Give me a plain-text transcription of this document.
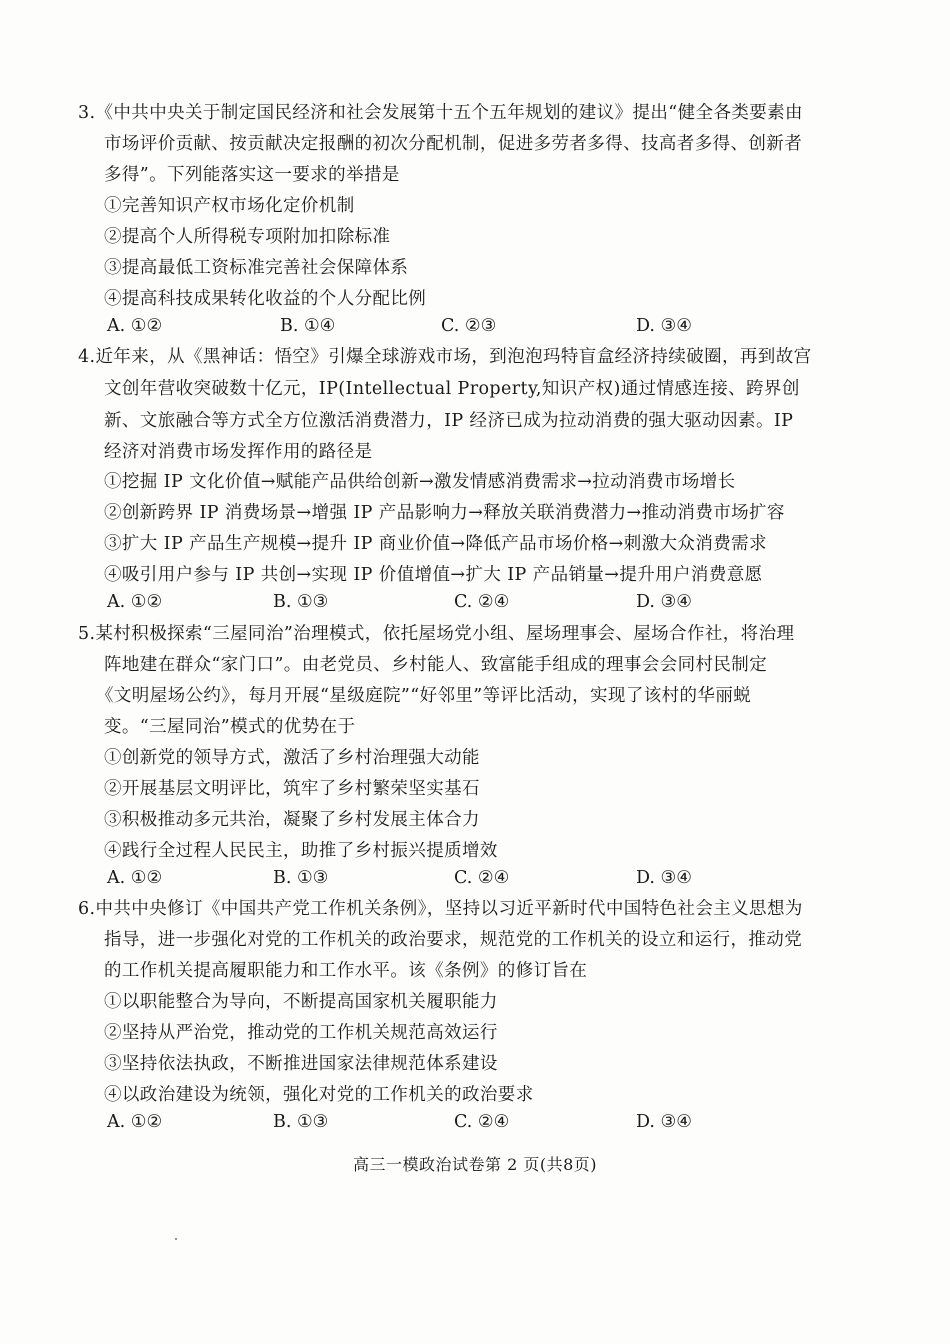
3.《中共中央关于制定国民经济和社会发展第十五个五年规划的建议》提出“健全各类要素由
市场评价贡献、按贡献决定报酬的初次分配机制，促进多劳者多得、技高者多得、创新者
多得”。下列能落实这一要求的举措是
①完善知识产权市场化定价机制
②提高个人所得税专项附加扣除标准
③提高最低工资标准完善社会保障体系
④提高科技成果转化收益的个人分配比例
A. ①②	B. ①④	C. ②③	D. ③④
4.近年来，从《黑神话：悟空》引爆全球游戏市场，到泡泡玛特盲盒经济持续破圈，再到故宫
文创年营收突破数十亿元，IP(Intellectual Property,知识产权)通过情感连接、跨界创
新、文旅融合等方式全方位激活消费潜力，IP 经济已成为拉动消费的强大驱动因素。IP
经济对消费市场发挥作用的路径是
①挖掘 IP 文化价值→赋能产品供给创新→激发情感消费需求→拉动消费市场增长
②创新跨界 IP 消费场景→增强 IP 产品影响力→释放关联消费潜力→推动消费市场扩容
③扩大 IP 产品生产规模→提升 IP 商业价值→降低产品市场价格→刺激大众消费需求
④吸引用户参与 IP 共创→实现 IP 价值增值→扩大 IP 产品销量→提升用户消费意愿
A. ①②	B. ①③	C. ②④	D. ③④
5.某村积极探索“三屋同治”治理模式，依托屋场党小组、屋场理事会、屋场合作社，将治理
阵地建在群众“家门口”。由老党员、乡村能人、致富能手组成的理事会会同村民制定
《文明屋场公约》，每月开展“星级庭院”“好邻里”等评比活动，实现了该村的华丽蜕
变。“三屋同治”模式的优势在于
①创新党的领导方式，激活了乡村治理强大动能
②开展基层文明评比，筑牢了乡村繁荣坚实基石
③积极推动多元共治，凝聚了乡村发展主体合力
④践行全过程人民民主，助推了乡村振兴提质增效
A. ①②	B. ①③	C. ②④	D. ③④
6.中共中央修订《中国共产党工作机关条例》，坚持以习近平新时代中国特色社会主义思想为
指导，进一步强化对党的工作机关的政治要求，规范党的工作机关的设立和运行，推动党
的工作机关提高履职能力和工作水平。该《条例》的修订旨在
①以职能整合为导向，不断提高国家机关履职能力
②坚持从严治党，推动党的工作机关规范高效运行
③坚持依法执政，不断推进国家法律规范体系建设
④以政治建设为统领，强化对党的工作机关的政治要求
A. ①②	B. ①③	C. ②④	D. ③④
高三一模政治试卷第 2 页(共8页)
